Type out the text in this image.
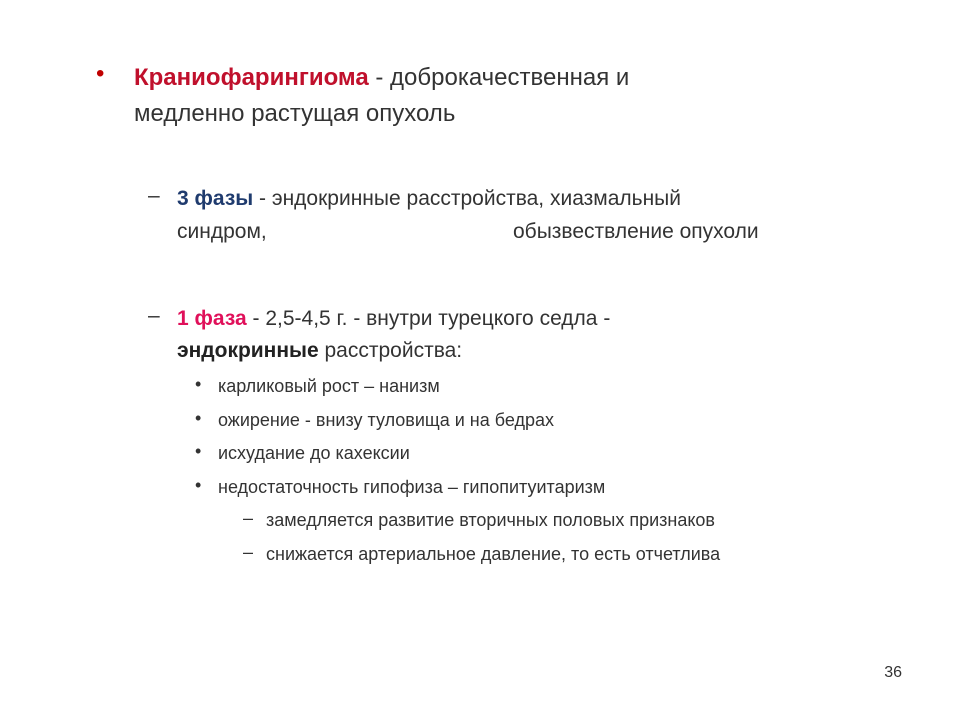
• Краниофарингиома - доброкачественная и
медленно растущая опухоль
– 3 фазы - эндокринные расстройства, хиазмальный
синдром,	обызвествление опухоли
– 1 фаза - 2,5-4,5 г. - внутри турецкого седла -
эндокринные расстройства:
• карликовый рост – нанизм
• ожирение - внизу туловища и на бедрах
• исхудание до кахексии
• недостаточность гипофиза – гипопитуитаризм
– замедляется развитие вторичных половых признаков
– снижается артериальное давление, то есть отчетлива
36
